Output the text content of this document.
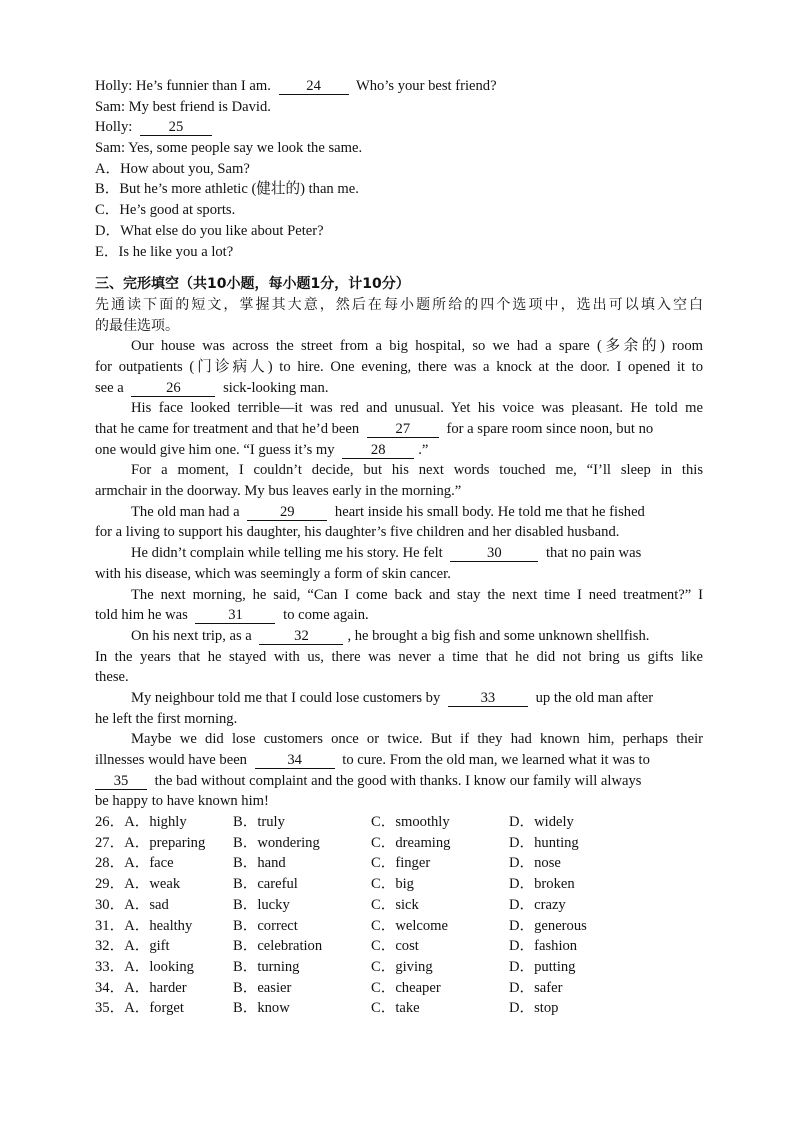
Holly: He’s funnier than I am. 24 Who’s your best friend?
Sam: My best friend is David.
Holly: 25
Sam: Yes, some people say we look the same.
A．How about you, Sam?
B．But he’s more athletic (健壮的) than me.
C．He’s good at sports.
D．What else do you like about Peter?
E．Is he like you a lot?
三、完形填空（共10小题，每小题1分，计10分）
先通读下面的短文，掌握其大意，然后在每小题所给的四个选项中，选出可以填入空白
的最佳选项。
Our house was across the street from a big hospital, so we had a spare (多余的) room
for outpatients (门诊病人) to hire. One evening, there was a knock at the door. I opened it to
see a	26	sick-looking man.
His face looked terrible—it was red and unusual. Yet his voice was pleasant. He told me
that he came for treatment and that he’d been 27 for a spare room since noon, but no
one would give him one. “I guess it’s my 28 .”
For a moment, I couldn’t decide, but his next words touched me, “I’ll sleep in this
armchair in the doorway. My bus leaves early in the morning.”
The old man had a	29	heart inside his small body. He told me that he fished
for a living to support his daughter, his daughter’s five children and her disabled husband.
He didn’t complain while telling me his story. He felt	30	that no pain was
with his disease, which was seemingly a form of skin cancer.
The next morning, he said, “Can I come back and stay the next time I need treatment?” I
told him he was	31	to come again.
On his next trip, as a	32	, he brought a big fish and some unknown shellfish.
In the years that he stayed with us, there was never a time that he did not bring us gifts like
these.
My neighbour told me that I could lose customers by	33	up the old man after
he left the first morning.
Maybe we did lose customers once or twice. But if they had known him, perhaps their
illnesses would have been	34	to cure. From the old man, we learned what it was to
35 the bad without complaint and the good with thanks. I know our family will always
be happy to have known him!
26．A．highly	B．truly	C．smoothly	D．widely
27．A．preparing	B．wondering	C．dreaming	D．hunting
28．A．face	B．hand	C．finger	D．nose
29．A．weak	B．careful	C．big	D．broken
30．A．sad	B．lucky	C．sick	D．crazy
31．A．healthy	B．correct	C．welcome	D．generous
32．A．gift	B．celebration	C．cost	D．fashion
33．A．looking	B．turning	C．giving	D．putting
34．A．harder	B．easier	C．cheaper	D．safer
35．A．forget	B．know	C．take	D．stop
